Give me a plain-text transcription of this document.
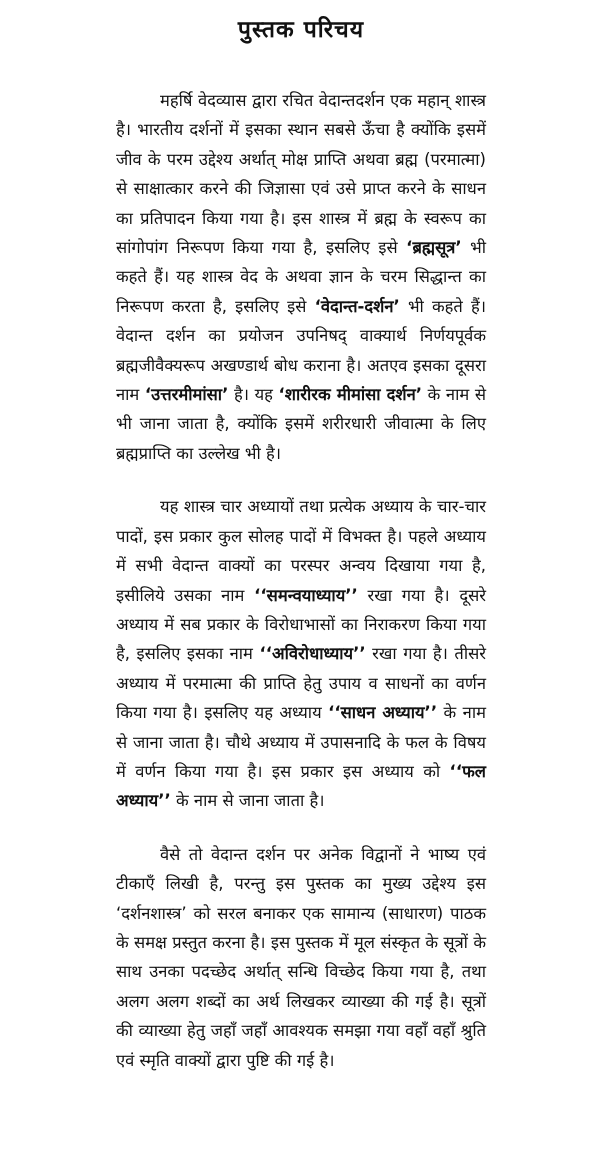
पुस्तक परिचय

महर्षि वेदव्यास द्वारा रचित वेदान्तदर्शन एक महान् शास्त्र है। भारतीय दर्शनों में इसका स्थान सबसे ऊँचा है क्योंकि इसमें जीव के परम उद्देश्य अर्थात् मोक्ष प्राप्ति अथवा ब्रह्म (परमात्मा) से साक्षात्कार करने की जिज्ञासा एवं उसे प्राप्त करने के साधन का प्रतिपादन किया गया है। इस शास्त्र में ब्रह्म के स्वरूप का सांगोपांग निरूपण किया गया है, इसलिए इसे ‘ब्रह्मसूत्र’ भी कहते हैं। यह शास्त्र वेद के अथवा ज्ञान के चरम सिद्धान्त का निरूपण करता है, इसलिए इसे ‘वेदान्त-दर्शन’ भी कहते हैं। वेदान्त दर्शन का प्रयोजन उपनिषद् वाक्यार्थ निर्णयपूर्वक ब्रह्मजीवैक्यरूप अखण्डार्थ बोध कराना है। अतएव इसका दूसरा नाम ‘उत्तरमीमांसा’ है। यह ‘शारीरक मीमांसा दर्शन’ के नाम से भी जाना जाता है, क्योंकि इसमें शरीरधारी जीवात्मा के लिए ब्रह्मप्राप्ति का उल्लेख भी है।

यह शास्त्र चार अध्यायों तथा प्रत्येक अध्याय के चार-चार पादों, इस प्रकार कुल सोलह पादों में विभक्त है। पहले अध्याय में सभी वेदान्त वाक्यों का परस्पर अन्वय दिखाया गया है, इसीलिये उसका नाम ‘‘समन्वयाध्याय’’ रखा गया है। दूसरे अध्याय में सब प्रकार के विरोधाभासों का निराकरण किया गया है, इसलिए इसका नाम ‘‘अविरोधाध्याय’’ रखा गया है। तीसरे अध्याय में परमात्मा की प्राप्ति हेतु उपाय व साधनों का वर्णन किया गया है। इसलिए यह अध्याय ‘‘साधन अध्याय’’ के नाम से जाना जाता है। चौथे अध्याय में उपासनादि के फल के विषय में वर्णन किया गया है। इस प्रकार इस अध्याय को ‘‘फल अध्याय’’ के नाम से जाना जाता है।

वैसे तो वेदान्त दर्शन पर अनेक विद्वानों ने भाष्य एवं टीकाएँ लिखी है, परन्तु इस पुस्तक का मुख्य उद्देश्य इस ‘दर्शनशास्त्र’ को सरल बनाकर एक सामान्य (साधारण) पाठक के समक्ष प्रस्तुत करना है। इस पुस्तक में मूल संस्कृत के सूत्रों के साथ उनका पदच्छेद अर्थात् सन्धि विच्छेद किया गया है, तथा अलग अलग शब्दों का अर्थ लिखकर व्याख्या की गई है। सूत्रों की व्याख्या हेतु जहाँ जहाँ आवश्यक समझा गया वहाँ वहाँ श्रुति एवं स्मृति वाक्यों द्वारा पुष्टि की गई है।
